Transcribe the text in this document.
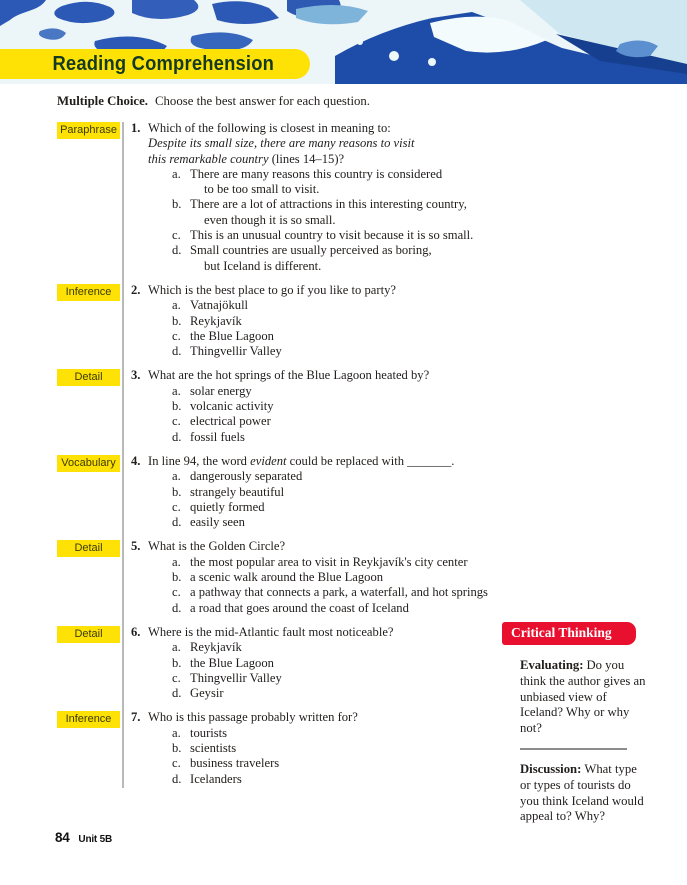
Reading Comprehension
Multiple Choice. Choose the best answer for each question.
Paraphrase 1. Which of the following is closest in meaning to:
Despite its small size, there are many reasons to visit
this remarkable country (lines 14–15)?
a. There are many reasons this country is considered
to be too small to visit.
b. There are a lot of attractions in this interesting country,
even though it is so small.
c. This is an unusual country to visit because it is so small.
d. Small countries are usually perceived as boring,
but Iceland is different.
Inference	2. Which is the best place to go if you like to party?
a. Vatnajökull
b. Reykjavík
c. the Blue Lagoon
d. Thingvellir Valley
Detail	3. What are the hot springs of the Blue Lagoon heated by?
a. solar energy
b. volcanic activity
c. electrical power
d. fossil fuels
Vocabulary	4. In line 94, the word evident could be replaced with _______.
a. dangerously separated
b. strangely beautiful
c. quietly formed
d. easily seen
Detail	5. What is the Golden Circle?
a. the most popular area to visit in Reykjavík's city center
b. a scenic walk around the Blue Lagoon
c. a pathway that connects a park, a waterfall, and hot springs
d. a road that goes around the coast of Iceland
Detail	6. Where is the mid-Atlantic fault most noticeable?
a. Reykjavík
b. the Blue Lagoon
c. Thingvellir Valley
d. Geysir
Inference	7. Who is this passage probably written for?
a. tourists
b. scientists
c. business travelers
d. Icelanders
Critical Thinking

Evaluating: Do you think the author gives an unbiased view of Iceland? Why or why not?

Discussion: What type or types of tourists do you think Iceland would appeal to? Why?

84 Unit 5B
